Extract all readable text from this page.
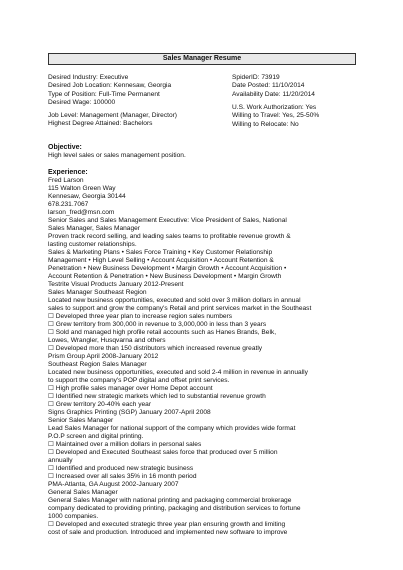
Sales Manager Resume
Desired Industry: Executive
Desired Job Location: Kennesaw, Georgia
Type of Position: Full-Time Permanent
Desired Wage: 100000
SpiderID: 73919
Date Posted: 11/10/2014
Availability Date: 11/20/2014
Job Level: Management (Manager, Director)
Highest Degree Attained: Bachelors
U.S. Work Authorization: Yes
Willing to Travel: Yes, 25-50%
Willing to Relocate: No
Objective:
High level sales or sales management position.
Experience:
Fred Larson
115 Walton Green Way
Kennesaw, Georgia 30144
678.231.7067
larson_fred@msn.com
Senior Sales and Sales Management Executive: Vice President of Sales, National
Sales Manager, Sales Manager
Proven track record selling, and leading sales teams to profitable revenue growth &
lasting customer relationships.
Sales & Marketing Plans • Sales Force Training • Key Customer Relationship
Management • High Level Selling • Account Acquisition • Account Retention &
Penetration • New Business Development • Margin Growth • Account Acquisition •
Account Retention & Penetration • New Business Development • Margin Growth
Testrite Visual Products January 2012-Present
Sales Manager Southeast Region
Located new business opportunities, executed and sold over 3 million dollars in annual
sales to support and grow the company's Retail and print services market in the Southeast
☐ Developed three year plan to increase region sales numbers
☐ Grew territory from 300,000 in revenue to 3,000,000 in less than 3 years
☐ Sold and managed high profile retail accounts such as Hanes Brands, Belk,
Lowes, Wrangler, Husqvarna and others
☐ Developed more than 150 distributors which increased revenue greatly
Prism Group April 2008-January 2012
Southeast Region Sales Manager
Located new business opportunities, executed and sold 2-4 million in revenue in annually
to support the company's POP digital and offset print services.
☐ High profile sales manager over Home Depot account
☐ Identified new strategic markets which led to substantial revenue growth
☐ Grew territory 20-40% each year
Signs Graphics Printing (SGP) January 2007-April 2008
Senior Sales Manager
Lead Sales Manager for national support of the company which provides wide format
P.O.P screen and digital printing.
☐ Maintained over a million dollars in personal sales
☐ Developed and Executed Southeast sales force that produced over 5 million
annually
☐ Identified and produced new strategic business
☐ Increased over all sales 35% in 16 month period
PMA-Atlanta, GA August 2002-January 2007
General Sales Manager
General Sales Manager with national printing and packaging commercial brokerage
company dedicated to providing printing, packaging and distribution services to fortune
1000 companies.
☐ Developed and executed strategic three year plan ensuring growth and limiting
cost of sale and production. Introduced and implemented new software to improve
